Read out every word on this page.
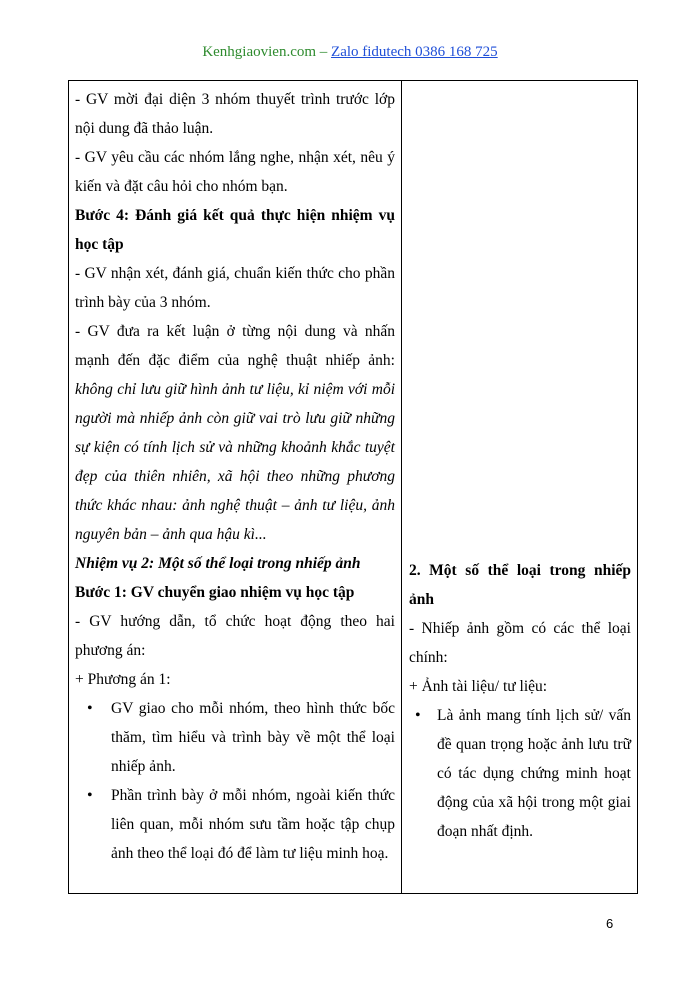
Kenhgiaovien.com – Zalo fidutech 0386 168 725

- GV mời đại diện 3 nhóm thuyết trình trước lớp nội dung đã thảo luận.

- GV yêu cầu các nhóm lắng nghe, nhận xét, nêu ý kiến và đặt câu hỏi cho nhóm bạn.

Bước 4: Đánh giá kết quả thực hiện nhiệm vụ học tập

- GV nhận xét, đánh giá, chuẩn kiến thức cho phần trình bày của 3 nhóm.

- GV đưa ra kết luận ở từng nội dung và nhấn mạnh đến đặc điểm của nghệ thuật nhiếp ảnh: không chỉ lưu giữ hình ảnh tư liệu, kỉ niệm với mỗi người mà nhiếp ảnh còn giữ vai trò lưu giữ những sự kiện có tính lịch sử và những khoảnh khắc tuyệt đẹp của thiên nhiên, xã hội theo những phương thức khác nhau: ảnh nghệ thuật – ảnh tư liệu, ảnh nguyên bản – ảnh qua hậu kì...

Nhiệm vụ 2: Một số thể loại trong nhiếp ảnh

Bước 1: GV chuyển giao nhiệm vụ học tập

- GV hướng dẫn, tổ chức hoạt động theo hai phương án:

+ Phương án 1:

• GV giao cho mỗi nhóm, theo hình thức bốc thăm, tìm hiểu và trình bày về một thể loại nhiếp ảnh.
• Phần trình bày ở mỗi nhóm, ngoài kiến thức liên quan, mỗi nhóm sưu tầm hoặc tập chụp ảnh theo thể loại đó để làm tư liệu minh hoạ.

2. Một số thể loại trong nhiếp ảnh

- Nhiếp ảnh gồm có các thể loại chính:

+ Ảnh tài liệu/ tư liệu:

• Là ảnh mang tính lịch sử/ vấn đề quan trọng hoặc ảnh lưu trữ có tác dụng chứng minh hoạt động của xã hội trong một giai đoạn nhất định.
6
